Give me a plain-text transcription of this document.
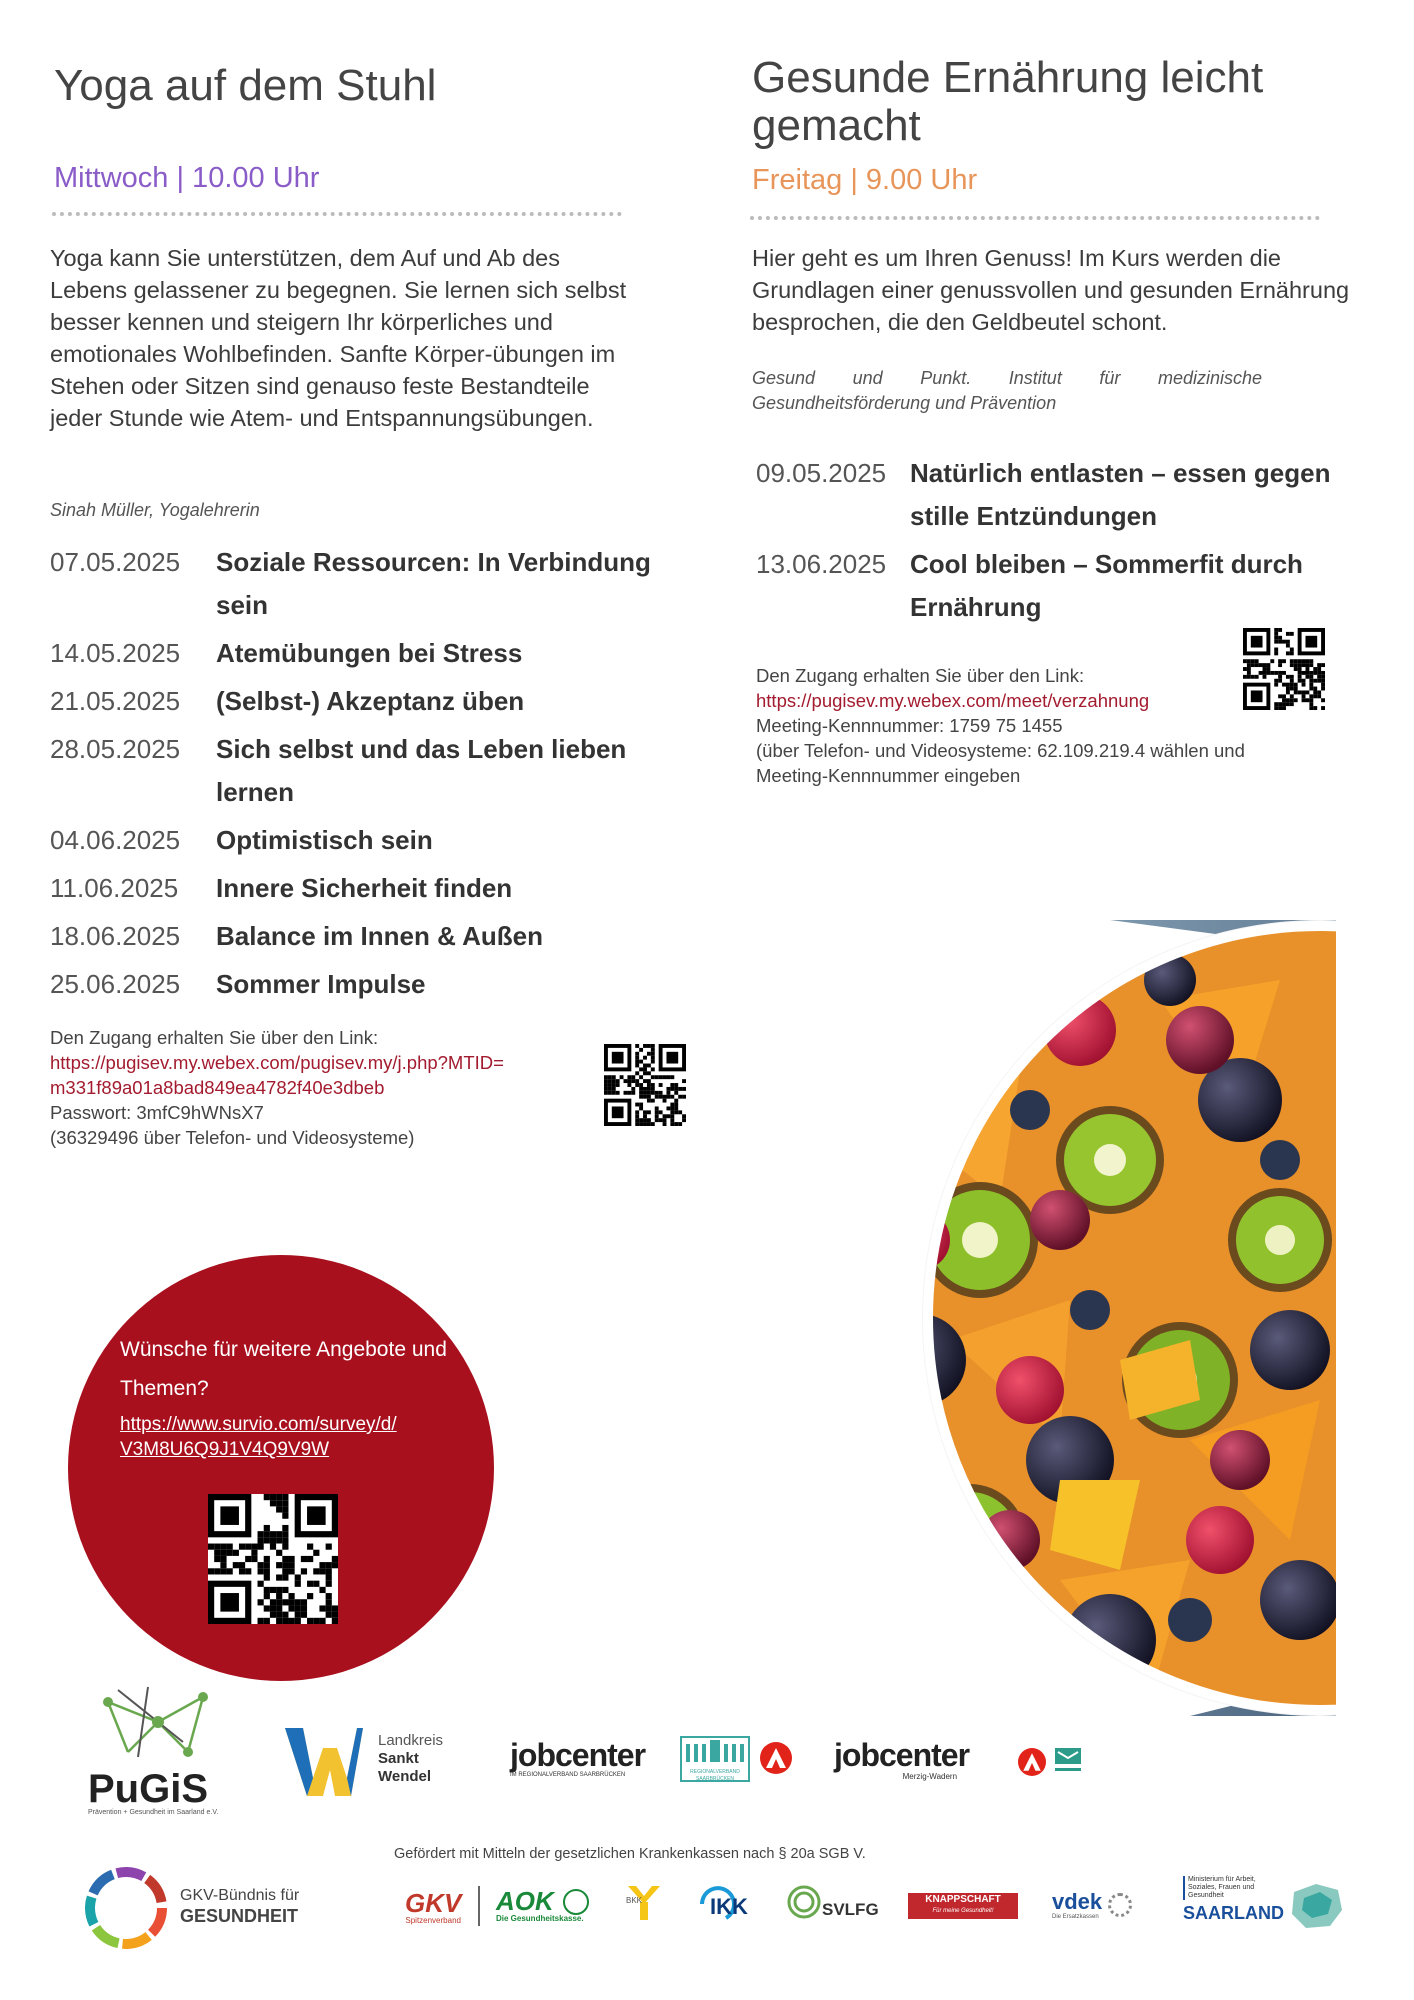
Yoga auf dem Stuhl
Mittwoch | 10.00 Uhr
Yoga kann Sie unterstützen, dem Auf und Ab des Lebens gelassener zu begegnen. Sie lernen sich selbst besser kennen und steigern Ihr körperliches und emotionales Wohlbefinden. Sanfte Körper-übungen im Stehen oder Sitzen sind genauso feste Bestandteile jeder Stunde wie Atem- und Entspannungsübungen.
Sinah Müller, Yogalehrerin
07.05.2025	Soziale Ressourcen: In Verbindung sein
14.05.2025	Atemübungen bei Stress
21.05.2025	(Selbst-) Akzeptanz üben
28.05.2025	Sich selbst und das Leben lieben lernen
04.06.2025	Optimistisch sein
11.06.2025	Innere Sicherheit finden
18.06.2025	Balance im Innen & Außen
25.06.2025	Sommer Impulse
Den Zugang erhalten Sie über den Link:
https://pugisev.my.webex.com/pugisev.my/j.php?MTID=
m331f89a01a8bad849ea4782f40e3dbeb
Passwort: 3mfC9hWNsX7
(36329496 über Telefon- und Videosysteme)
Gesunde Ernährung leicht gemacht
Freitag | 9.00 Uhr
Hier geht es um Ihren Genuss! Im Kurs werden die Grundlagen einer genussvollen und gesunden Ernährung besprochen, die den Geldbeutel schont.
Gesund und Punkt. Institut für medizinische Gesundheitsförderung und Prävention
09.05.2025 Natürlich entlasten – essen gegen stille Entzündungen
13.06.2025 Cool bleiben – Sommerfit durch Ernährung
Den Zugang erhalten Sie über den Link:
https://pugisev.my.webex.com/meet/verzahnung
Meeting-Kennnummer: 1759 75 1455
(über Telefon- und Videosysteme: 62.109.219.4 wählen und
Meeting-Kennnummer eingeben
Wünsche für weitere Angebote und Themen?
https://www.survio.com/survey/d/
V3M8U6Q9J1V4Q9V9W
PuGiS
Prävention + Gesundheit im Saarland e.V.
Landkreis
Sankt
Wendel
jobcenter
IM REGIONALVERBAND SAARBRÜCKEN	REGIONALVERBAND SAARBRÜCKEN
jobcenter
Merzig-Wadern
Gefördert mit Mitteln der gesetzlichen Krankenkassen nach § 20a SGB V.
GKV-Bündnis für
GESUNDHEIT	GKV
Spitzenverband
AOK
Die Gesundheitskasse.
BKK	IKK	SVLFG
KNAPPSCHAFT
Für meine Gesundheit!	vdek
Die Ersatzkassen
Ministerium für Arbeit, Soziales, Frauen und Gesundheit
SAARLAND
